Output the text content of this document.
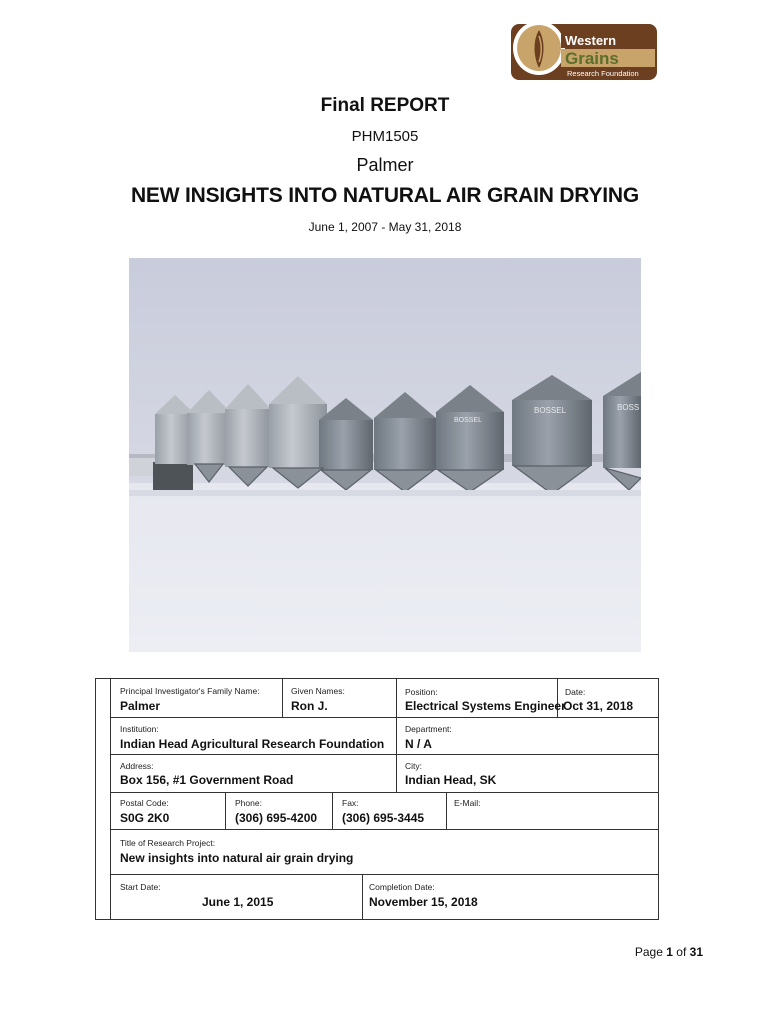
Western
Grains
Research Foundation
Final REPORT
PHM1505
Palmer
NEW INSIGHTS INTO NATURAL AIR GRAIN DRYING
June 1, 2007 - May 31, 2018
BOSSEL
BOSSEL	BOSS
Principal Investigator's Family Name:
Palmer
Given Names:
Ron J.
Position:
Electrical Systems Engineer
Date:
Oct 31, 2018
Institution:
Indian Head Agricultural Research Foundation
Department:
N / A
Address:
Box 156, #1 Government Road
City:
Indian Head, SK
Postal Code:
S0G 2K0
Phone:
(306) 695-4200
Fax:
(306) 695-3445
E-Mail:
Title of Research Project:
New insights into natural air grain drying
Start Date:
June 1, 2015
Completion Date:
November 15, 2018
Page 1 of 31
